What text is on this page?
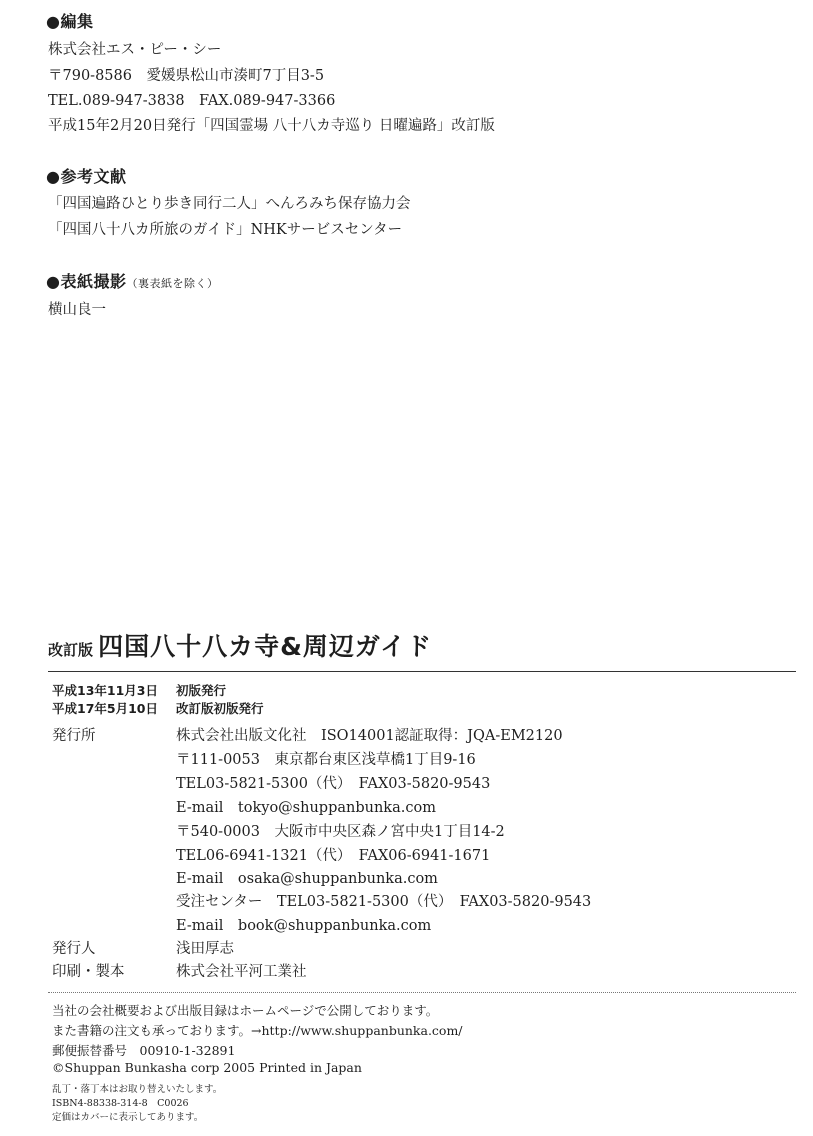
●編集
株式会社エス・ピー・シー
〒790-8586　愛媛県松山市湊町7丁目3-5
TEL.089-947-3838　FAX.089-947-3366
平成15年2月20日発行「四国霊場 八十八カ寺巡り 日曜遍路」改訂版
●参考文献
「四国遍路ひとり歩き同行二人」へんろみち保存協力会
「四国八十八カ所旅のガイド」NHKサービスセンター
●表紙撮影（裏表紙を除く）
横山良一
改訂版 四国八十八カ寺&周辺ガイド
平成13年11月3日 初版発行
平成17年5月10日 改訂版初版発行
発行所	株式会社出版文化社　ISO14001認証取得：JQA-EM2120
〒111-0053　東京都台東区浅草橋1丁目9-16
TEL03-5821-5300（代）　FAX03-5820-9543
E-mail　tokyo@shuppanbunka.com
〒540-0003　大阪市中央区森ノ宮中央1丁目14-2
TEL06-6941-1321（代）　FAX06-6941-1671
E-mail　osaka@shuppanbunka.com
受注センター　TEL03-5821-5300（代）　FAX03-5820-9543
E-mail　book@shuppanbunka.com
発行人	浅田厚志
印刷・製本	株式会社平河工業社
当社の会社概要および出版目録はホームページで公開しております。
また書籍の注文も承っております。→http://www.shuppanbunka.com/
郵便振替番号　00910-1-32891
©Shuppan Bunkasha corp 2005 Printed in Japan
乱丁・落丁本はお取り替えいたします。
ISBN4-88338-314-8　C0026
定価はカバーに表示してあります。
